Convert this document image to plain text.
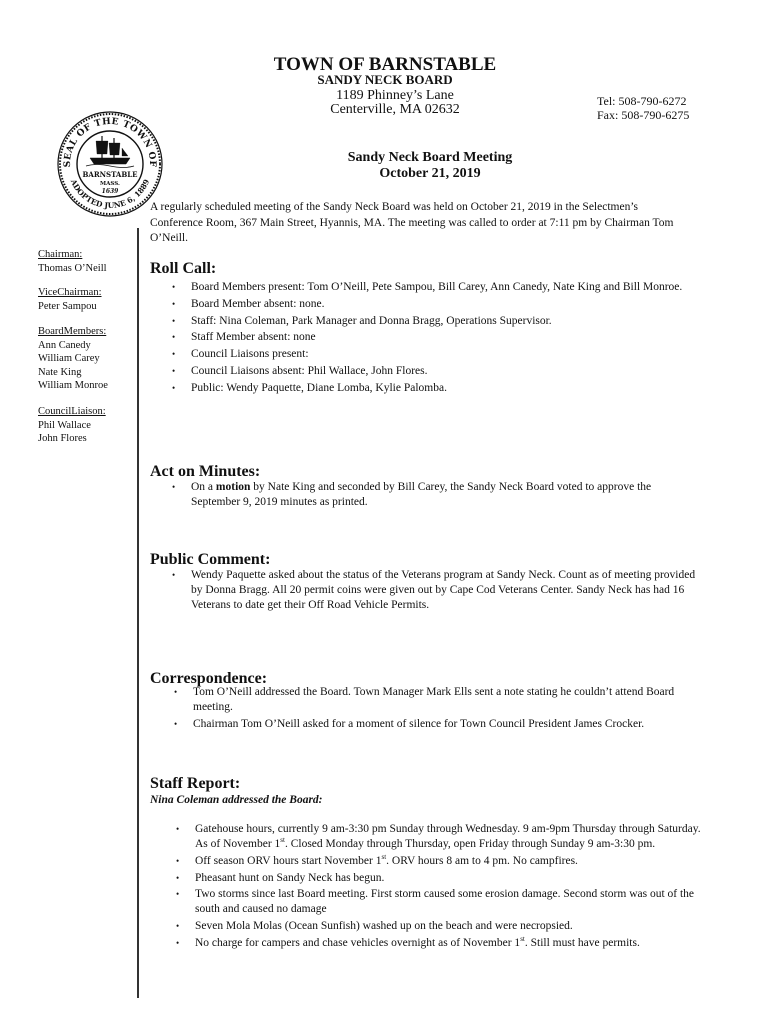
TOWN OF BARNSTABLE
SANDY NECK BOARD
1189 Phinney’s Lane
Centerville, MA 02632
Tel: 508-790-6272
Fax: 508-790-6275
Sandy Neck Board Meeting
October 21, 2019
SEAL OF THE TOWN OF
ADOPTED JUNE 6, 1889
BARNSTABLE
MASS.
1639
Chairman:
Thomas O’Neill
ViceChairman:
Peter Sampou
BoardMembers:
Ann Canedy
William Carey
Nate King
William Monroe
CouncilLiaison:
Phil Wallace
John Flores
A regularly scheduled meeting of the Sandy Neck Board was held on October 21, 2019 in the Selectmen’s Conference Room, 367 Main Street, Hyannis, MA. The meeting was called to order at 7:11 pm by Chairman Tom O’Neill.
Roll Call:
• Board Members present: Tom O’Neill, Pete Sampou, Bill Carey, Ann Canedy, Nate King and Bill Monroe.
• Board Member absent: none.
• Staff: Nina Coleman, Park Manager and Donna Bragg, Operations Supervisor.
• Staff Member absent: none
• Council Liaisons present:
• Council Liaisons absent: Phil Wallace, John Flores.
• Public: Wendy Paquette, Diane Lomba, Kylie Palomba.
Act on Minutes:
• On a motion by Nate King and seconded by Bill Carey, the Sandy Neck Board voted to approve the September 9, 2019 minutes as printed.
Public Comment:
• Wendy Paquette asked about the status of the Veterans program at Sandy Neck. Count as of meeting provided by Donna Bragg. All 20 permit coins were given out by Cape Cod Veterans Center. Sandy Neck has had 16 Veterans to date get their Off Road Vehicle Permits.
Correspondence:
• Tom O’Neill addressed the Board. Town Manager Mark Ells sent a note stating he couldn’t attend Board meeting.
• Chairman Tom O’Neill asked for a moment of silence for Town Council President James Crocker.
Staff Report:
Nina Coleman addressed the Board:
• Gatehouse hours, currently 9 am-3:30 pm Sunday through Wednesday. 9 am-9pm Thursday through Saturday. As of November 1st. Closed Monday through Thursday, open Friday through Sunday 9 am-3:30 pm.
• Off season ORV hours start November 1st. ORV hours 8 am to 4 pm. No campfires.
• Pheasant hunt on Sandy Neck has begun.
• Two storms since last Board meeting. First storm caused some erosion damage. Second storm was out of the south and caused no damage
• Seven Mola Molas (Ocean Sunfish) washed up on the beach and were necropsied.
• No charge for campers and chase vehicles overnight as of November 1st. Still must have permits.
